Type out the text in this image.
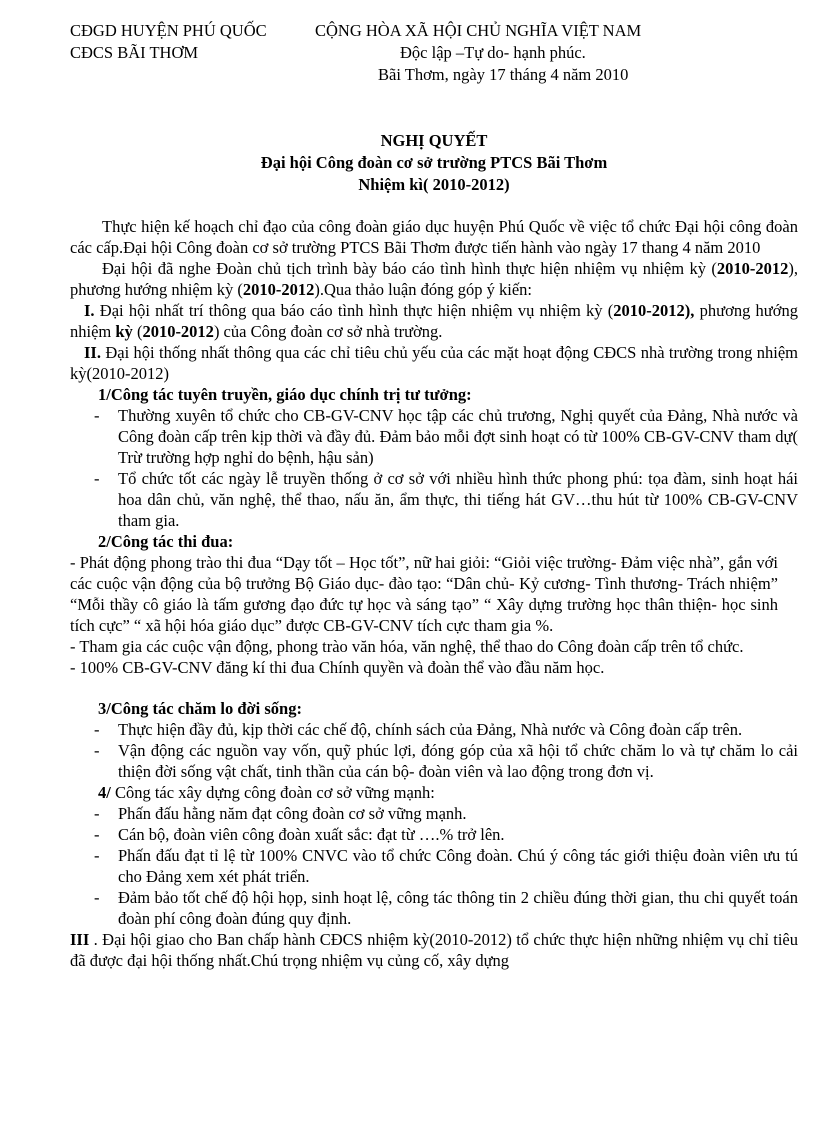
CĐGD HUYỆN PHÚ QUỐC
CĐCS BÃI THƠM
CỘNG HÒA XÃ HỘI CHỦ NGHĨA VIỆT NAM
Độc lập –Tự do- hạnh phúc.
Bãi Thơm, ngày 17 tháng 4 năm 2010
NGHỊ QUYẾT
Đại hội Công đoàn cơ sở trường PTCS Bãi Thơm
Nhiệm kì( 2010-2012)

Thực hiện kế hoạch chỉ đạo của công đoàn giáo dục huyện Phú Quốc về việc tổ chức Đại hội công đoàn các cấp.Đại hội Công đoàn cơ sở trường PTCS Bãi Thơm được tiến hành vào ngày 17 thang 4 năm 2010

Đại hội đã nghe Đoàn chủ tịch trình bày báo cáo tình hình thực hiện nhiệm vụ nhiệm kỳ (2010-2012), phương hướng nhiệm kỳ (2010-2012).Qua thảo luận đóng góp ý kiến:

I. Đại hội nhất trí thông qua báo cáo tình hình thực hiện nhiệm vụ nhiệm kỳ (2010-2012), phương hướng nhiệm kỳ (2010-2012) của Công đoàn cơ sở nhà trường.

II. Đại hội thống nhất thông qua các chỉ tiêu chủ yếu của các mặt hoạt động CĐCS nhà trường trong nhiệm kỳ(2010-2012)

1/Công tác tuyên truyền, giáo dục chính trị tư tưởng:
- Thường xuyên tổ chức cho CB-GV-CNV học tập các chủ trương, Nghị quyết của Đảng, Nhà nước và Công đoàn cấp trên kịp thời và đầy đủ. Đảm bảo mỗi đợt sinh hoạt có từ 100% CB-GV-CNV tham dự( Trừ trường hợp nghỉ do bệnh, hậu sản)
- Tổ chức tốt các ngày lễ truyền thống ở cơ sở với nhiều hình thức phong phú: tọa đàm, sinh hoạt hái hoa dân chủ, văn nghệ, thể thao, nấu ăn, ẩm thực, thi tiếng hát GV…thu hút từ 100% CB-GV-CNV tham gia.
2/Công tác thi đua:

- Phát động phong trào thi đua “Dạy tốt – Học tốt”, nữ hai giỏi: “Giỏi việc trường- Đảm việc nhà”, gắn với các cuộc vận động của bộ trưởng Bộ Giáo dục- đào tạo: “Dân chủ- Kỷ cương- Tình thương- Trách nhiệm” “Mỗi thầy cô giáo là tấm gương đạo đức tự học và sáng tạo” “ Xây dựng trường học thân thiện- học sinh tích cực” “ xã hội hóa giáo dục” được CB-GV-CNV tích cực tham gia %.

- Tham gia các cuộc vận động, phong trào văn hóa, văn nghệ, thể thao do Công đoàn cấp trên tổ chức.

- 100% CB-GV-CNV đăng kí thi đua Chính quyền và đoàn thể vào đầu năm học.

3/Công tác chăm lo đời sống:
- Thực hiện đầy đủ, kịp thời các chế độ, chính sách của Đảng, Nhà nước và Công đoàn cấp trên.
- Vận động các nguồn vay vốn, quỹ phúc lợi, đóng góp của xã hội tổ chức chăm lo và tự chăm lo cải thiện đời sống vật chất, tinh thần của cán bộ- đoàn viên và lao động trong đơn vị.
4/ Công tác xây dựng công đoàn cơ sở vững mạnh:
- Phấn đấu hằng năm đạt công đoàn cơ sở vững mạnh.
- Cán bộ, đoàn viên công đoàn xuất sắc: đạt từ ….% trở lên.
- Phấn đấu đạt tỉ lệ từ 100% CNVC vào tổ chức Công đoàn. Chú ý công tác giới thiệu đoàn viên ưu tú cho Đảng xem xét phát triển.
- Đảm bảo tốt chế độ hội họp, sinh hoạt lệ, công tác thông tin 2 chiều đúng thời gian, thu chi quyết toán đoàn phí công đoàn đúng quy định.

III . Đại hội giao cho Ban chấp hành CĐCS nhiệm kỳ(2010-2012) tổ chức thực hiện những nhiệm vụ chỉ tiêu đã được đại hội thống nhất.Chú trọng nhiệm vụ củng cố, xây dựng
